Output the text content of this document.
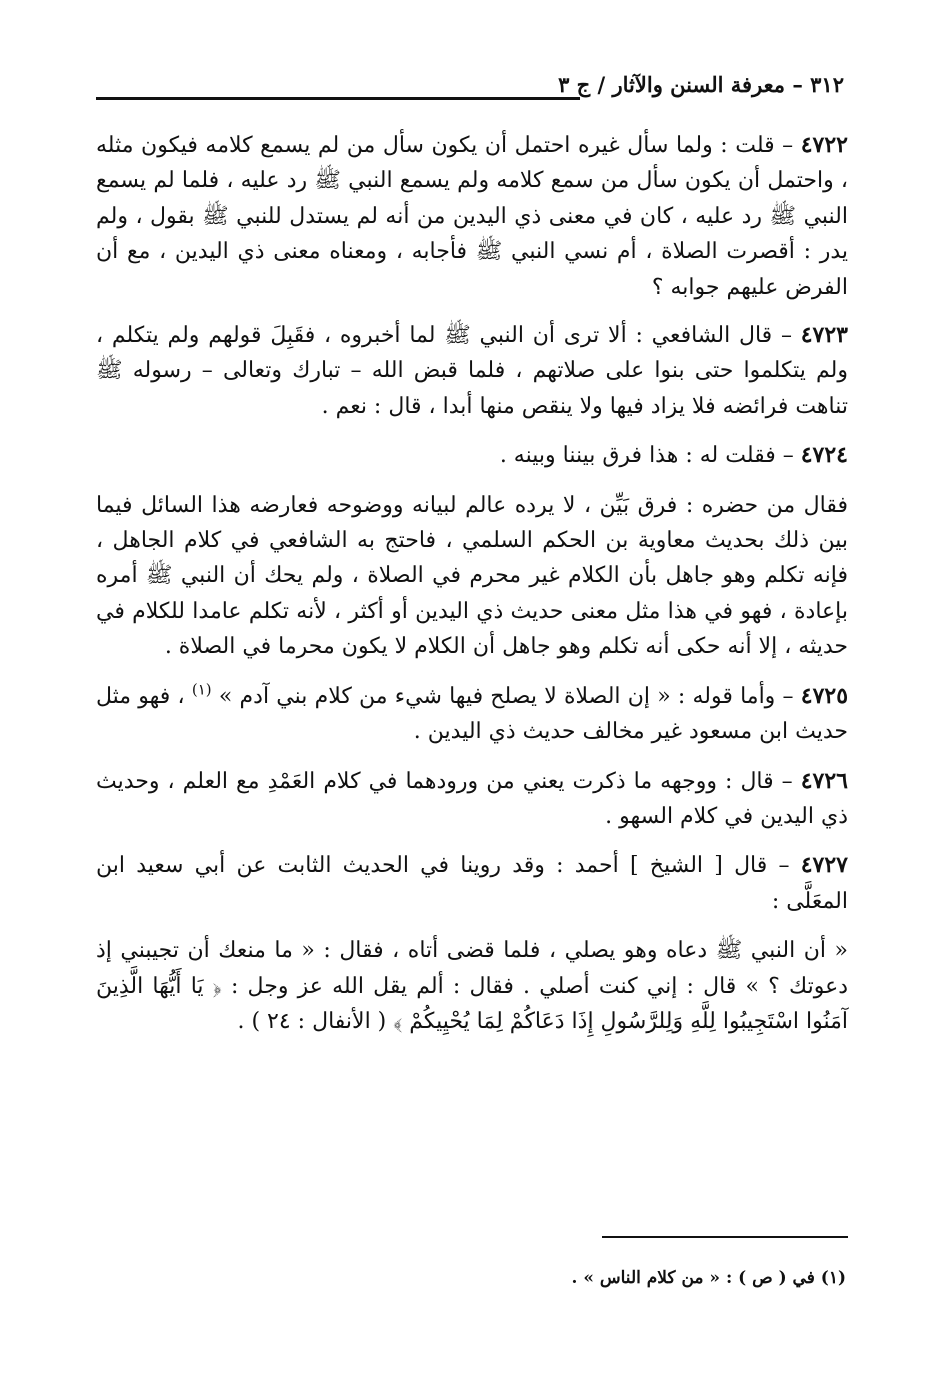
٣١٢ – معرفة السنن والآثار / ج ٣

٤٧٢٢ – قلت : ولما سأل غيره احتمل أن يكون سأل من لم يسمع كلامه فيكون مثله ، واحتمل أن يكون سأل من سمع كلامه ولم يسمع النبي ﷺ رد عليه ، فلما لم يسمع النبي ﷺ رد عليه ، كان في معنى ذي اليدين من أنه لم يستدل للنبي ﷺ بقول ، ولم يدر : أقصرت الصلاة ، أم نسي النبي ﷺ فأجابه ، ومعناه معنى ذي اليدين ، مع أن الفرض عليهم جوابه ؟

٤٧٢٣ – قال الشافعي : ألا ترى أن النبي ﷺ لما أخبروه ، فقَبِلَ قولهم ولم يتكلم ، ولم يتكلموا حتى بنوا على صلاتهم ، فلما قبض الله – تبارك وتعالى – رسوله ﷺ تناهت فرائضه فلا يزاد فيها ولا ينقص منها أبدا ، قال : نعم .

٤٧٢٤ – فقلت له : هذا فرق بيننا وبينه .

فقال من حضره : فرق بَيِّن ، لا يرده عالم لبيانه ووضوحه فعارضه هذا السائل فيما بين ذلك بحديث معاوية بن الحكم السلمي ، فاحتج به الشافعي في كلام الجاهل ، فإنه تكلم وهو جاهل بأن الكلام غير محرم في الصلاة ، ولم يحك أن النبي ﷺ أمره بإعادة ، فهو في هذا مثل معنى حديث ذي اليدين أو أكثر ، لأنه تكلم عامدا للكلام في حديثه ، إلا أنه حكى أنه تكلم وهو جاهل أن الكلام لا يكون محرما في الصلاة .

٤٧٢٥ – وأما قوله : « إن الصلاة لا يصلح فيها شيء من كلام بني آدم » $^{(١)}$ ، فهو مثل حديث ابن مسعود غير مخالف حديث ذي اليدين .

٤٧٢٦ – قال : ووجهه ما ذكرت يعني من ورودهما في كلام العَمْدِ مع العلم ، وحديث ذي اليدين في كلام السهو .

٤٧٢٧ – قال [ الشيخ ] أحمد : وقد روينا في الحديث الثابت عن أبي سعيد ابن المعَلَّى :

« أن النبي ﷺ دعاه وهو يصلي ، فلما قضى أتاه ، فقال : « ما منعك أن تجيبني إذ دعوتك ؟ » قال : إني كنت أصلي . فقال : ألم يقل الله عز وجل : ﴿ يَا أَيُّهَا الَّذِينَ آمَنُوا اسْتَجِيبُوا لِلَّهِ وَلِلرَّسُولِ إِذَا دَعَاكُمْ لِمَا يُحْيِيكُمْ ﴾ ( الأنفال : ٢٤ ) .

(١) في ( ص ) : « من كلام الناس » .
